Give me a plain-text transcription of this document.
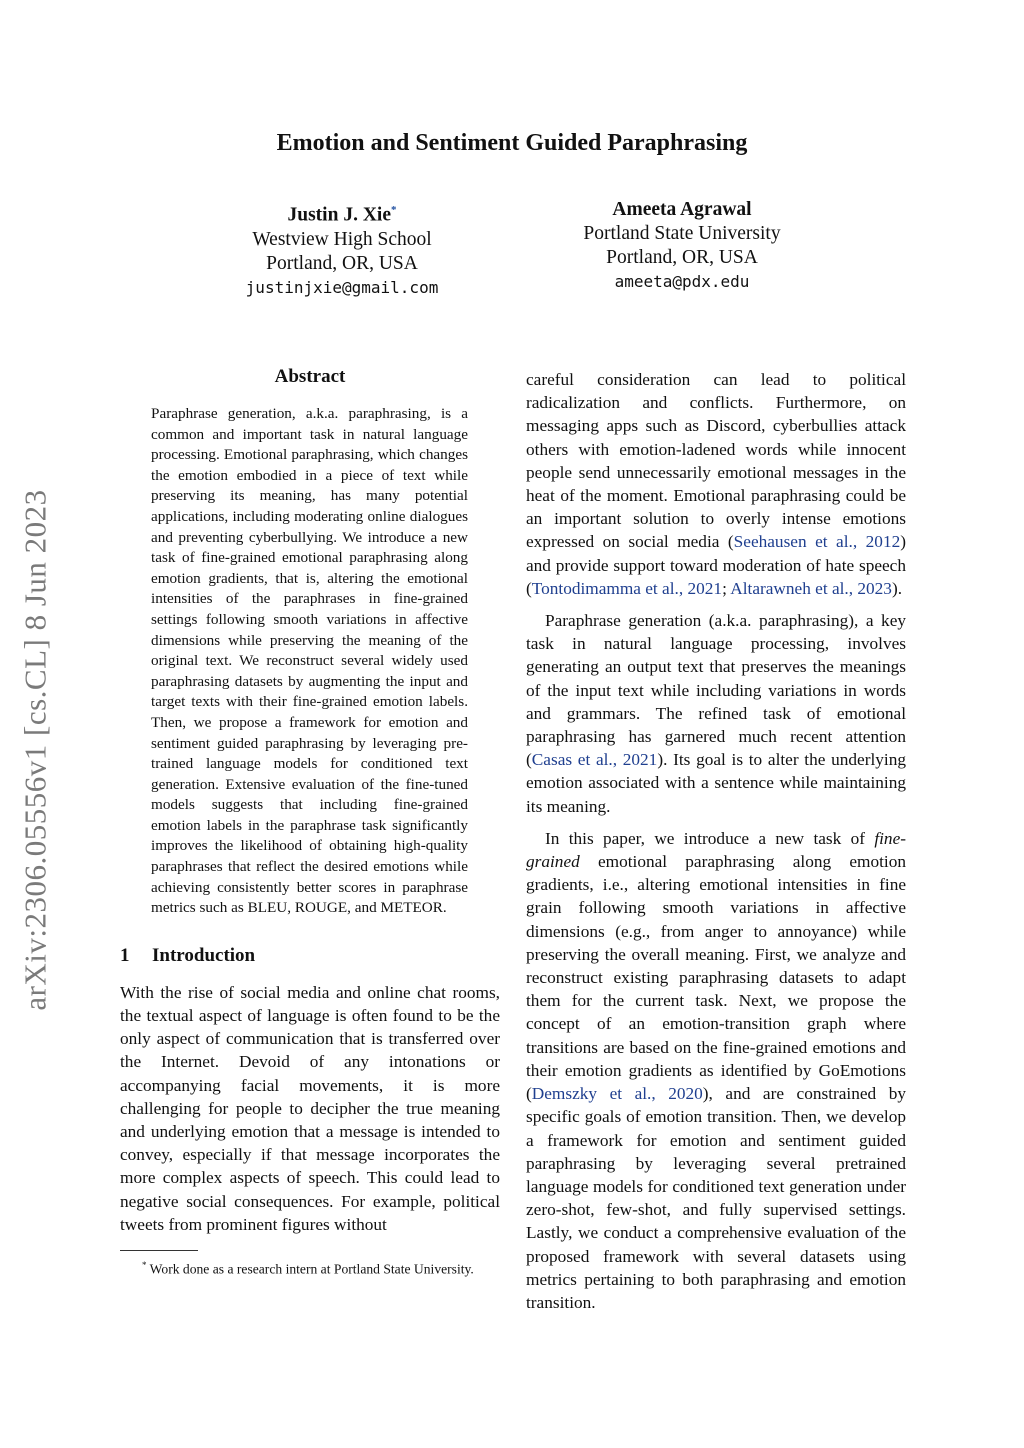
arXiv:2306.05556v1 [cs.CL] 8 Jun 2023
Emotion and Sentiment Guided Paraphrasing
Justin J. Xie*
Westview High School
Portland, OR, USA
justinjxie@gmail.com
Ameeta Agrawal
Portland State University
Portland, OR, USA
ameeta@pdx.edu
Abstract
Paraphrase generation, a.k.a. paraphrasing, is a common and important task in natural language processing. Emotional paraphrasing, which changes the emotion embodied in a piece of text while preserving its meaning, has many potential applications, including moderating online dialogues and preventing cyberbullying. We introduce a new task of fine-grained emotional paraphrasing along emotion gradients, that is, altering the emotional intensities of the paraphrases in fine-grained settings following smooth variations in affective dimensions while preserving the meaning of the original text. We reconstruct several widely used paraphrasing datasets by augmenting the input and target texts with their fine-grained emotion labels. Then, we propose a framework for emotion and sentiment guided paraphrasing by leveraging pre-trained language models for conditioned text generation. Extensive evaluation of the fine-tuned models suggests that including fine-grained emotion labels in the paraphrase task significantly improves the likelihood of obtaining high-quality paraphrases that reflect the desired emotions while achieving consistently better scores in paraphrase metrics such as BLEU, ROUGE, and METEOR.
1 Introduction

With the rise of social media and online chat rooms, the textual aspect of language is often found to be the only aspect of communication that is transferred over the Internet. Devoid of any intonations or accompanying facial movements, it is more challenging for people to decipher the true meaning and underlying emotion that a message is intended to convey, especially if that message incorporates the more complex aspects of speech. This could lead to negative social consequences. For example, political tweets from prominent figures without

* Work done as a research intern at Portland State University.

careful consideration can lead to political radicalization and conflicts. Furthermore, on messaging apps such as Discord, cyberbullies attack others with emotion-ladened words while innocent people send unnecessarily emotional messages in the heat of the moment. Emotional paraphrasing could be an important solution to overly intense emotions expressed on social media (Seehausen et al., 2012) and provide support toward moderation of hate speech (Tontodimamma et al., 2021; Altarawneh et al., 2023).

Paraphrase generation (a.k.a. paraphrasing), a key task in natural language processing, involves generating an output text that preserves the meanings of the input text while including variations in words and grammars. The refined task of emotional paraphrasing has garnered much recent attention (Casas et al., 2021). Its goal is to alter the underlying emotion associated with a sentence while maintaining its meaning.

In this paper, we introduce a new task of fine-grained emotional paraphrasing along emotion gradients, i.e., altering emotional intensities in fine grain following smooth variations in affective dimensions (e.g., from anger to annoyance) while preserving the overall meaning. First, we analyze and reconstruct existing paraphrasing datasets to adapt them for the current task. Next, we propose the concept of an emotion-transition graph where transitions are based on the fine-grained emotions and their emotion gradients as identified by GoEmotions (Demszky et al., 2020), and are constrained by specific goals of emotion transition. Then, we develop a framework for emotion and sentiment guided paraphrasing by leveraging several pretrained language models for conditioned text generation under zero-shot, few-shot, and fully supervised settings. Lastly, we conduct a comprehensive evaluation of the proposed framework with several datasets using metrics pertaining to both paraphrasing and emotion transition.
